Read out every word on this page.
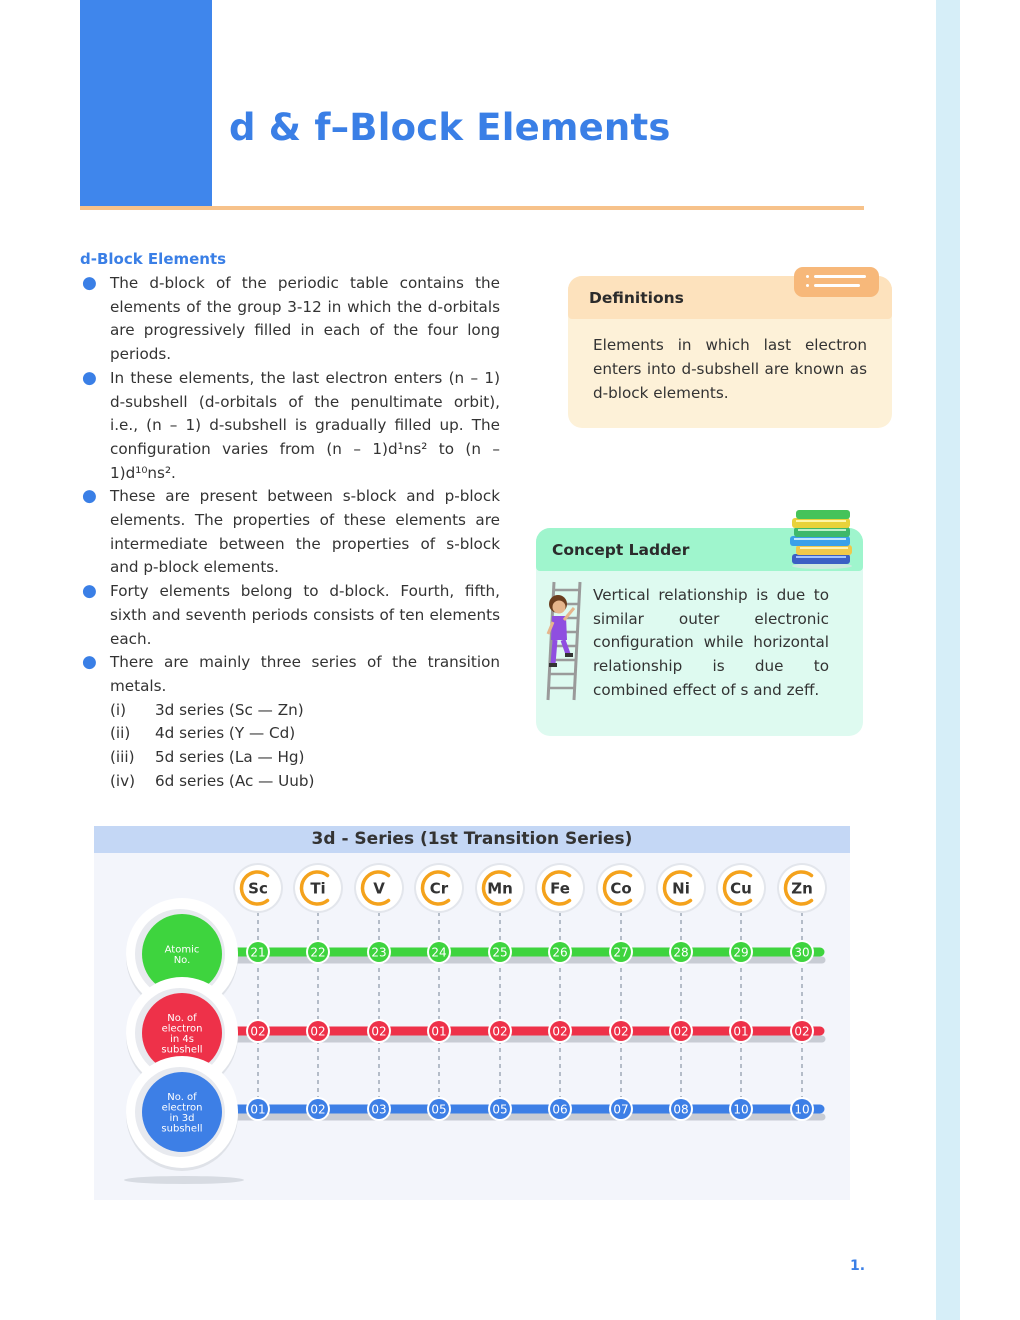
d & f–Block Elements
d-Block Elements
● The d-block of the periodic table contains the elements of the group 3-12 in which the d-orbitals are progressively filled in each of the four long periods.
● In these elements, the last electron enters (n – 1) d-subshell (d-orbitals of the penultimate orbit), i.e., (n – 1) d-subshell is gradually filled up. The configuration varies from (n – 1)d¹ns² to (n – 1)d¹⁰ns².
● These are present between s-block and p-block elements. The properties of these elements are intermediate between the properties of s-block and p-block elements.
● Forty elements belong to d-block. Fourth, fifth, sixth and seventh periods consists of ten elements each.
● There are mainly three series of the transition metals.
(i)	3d series (Sc — Zn)
(ii)	4d series (Y — Cd)
(iii)	5d series (La — Hg)
(iv)	6d series (Ac — Uub)
Definitions

Elements in which last electron enters into d-subshell are known as d-block elements.

Concept Ladder

Vertical relationship is due to similar outer electronic configuration while horizontal relationship is due to combined effect of s and zeff.

3d - Series (1st Transition Series)
Atomic
No.
21	22	23	24	25	26	27	28	29	30
No. of
electron
in 4s
subshell
02	02	02	01	02	02	02	02	01	02
No. of
electron
in 3d
subshell
01	02	03	05	05	06	07	08	10	10
Sc	Ti	V	Cr	Mn Fe	Co	Ni	Cu	Zn
1.
